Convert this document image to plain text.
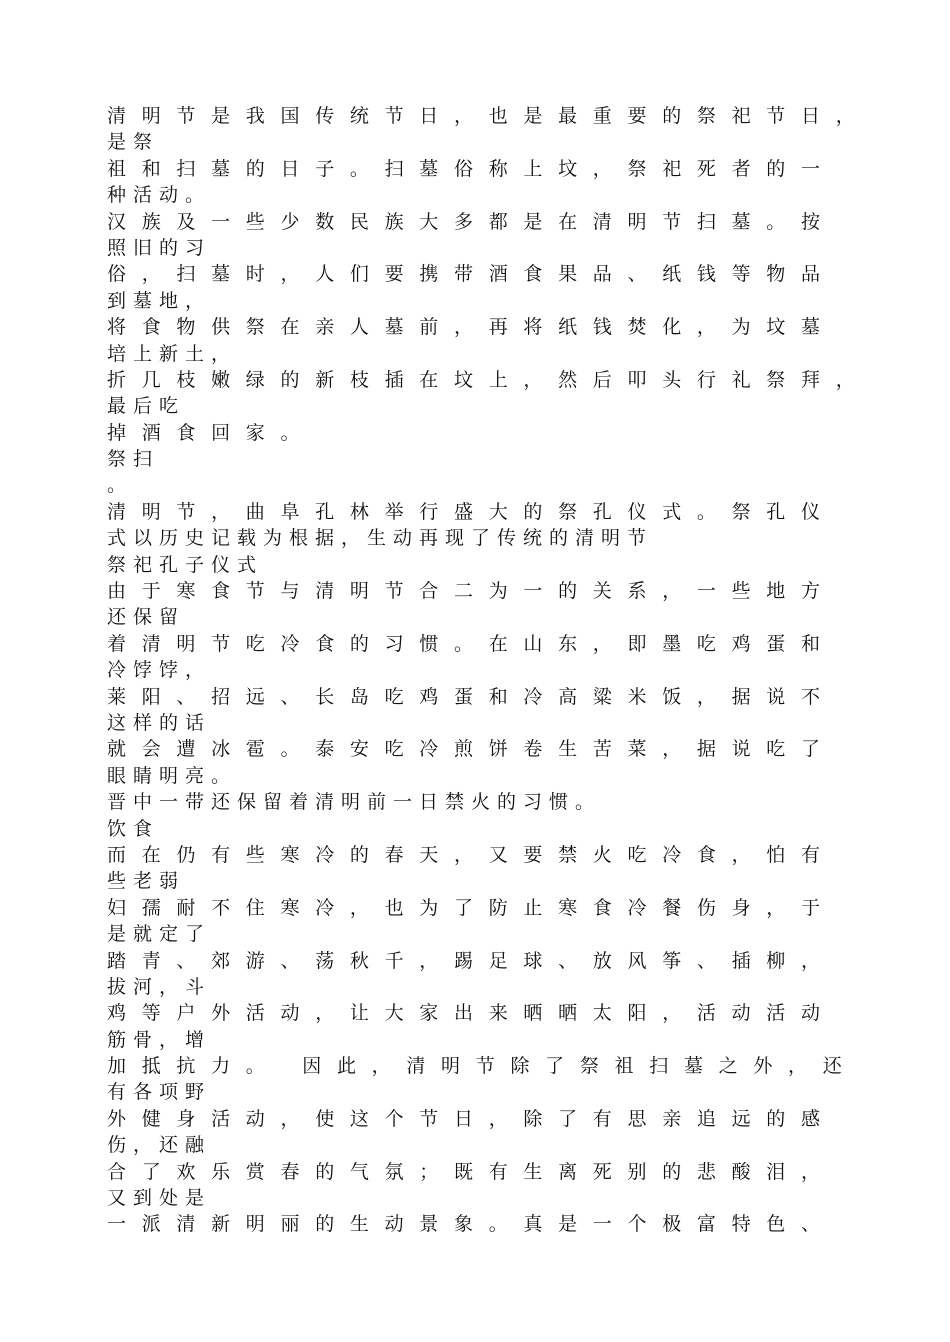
清明节是我国传统节日，也是最重要的祭祀节日，
是祭
祖和扫墓的日子。扫墓俗称上坟，祭祀死者的一
种活动。
汉族及一些少数民族大多都是在清明节扫墓。按
照旧的习
俗，扫墓时，人们要携带酒食果品、纸钱等物品
到墓地，
将食物供祭在亲人墓前，再将纸钱焚化，为坟墓
培上新土，
折几枝嫩绿的新枝插在坟上，然后叩头行礼祭拜，
最后吃
掉酒食回家。
祭扫
。
清明节，曲阜孔林举行盛大的祭孔仪式。祭孔仪
式以历史记载为根据，生动再现了传统的清明节
祭祀孔子仪式
由于寒食节与清明节合二为一的关系，一些地方
还保留
着清明节吃冷食的习惯。在山东，即墨吃鸡蛋和
冷饽饽，
莱阳、招远、长岛吃鸡蛋和冷高粱米饭，据说不
这样的话
就会遭冰雹。泰安吃冷煎饼卷生苦菜，据说吃了
眼睛明亮。
晋中一带还保留着清明前一日禁火的习惯。
饮食
而在仍有些寒冷的春天，又要禁火吃冷食，怕有
些老弱
妇孺耐不住寒冷，也为了防止寒食冷餐伤身，于
是就定了
踏青、郊游、荡秋千，踢足球、放风筝、插柳，
拔河，斗
鸡等户外活动，让大家出来晒晒太阳，活动活动
筋骨，增
加抵抗力。 因此，清明节除了祭祖扫墓之外，还
有各项野
外健身活动，使这个节日，除了有思亲追远的感
伤，还融
合了欢乐赏春的气氛；既有生离死别的悲酸泪，
又到处是
一派清新明丽的生动景象。真是一个极富特色、
